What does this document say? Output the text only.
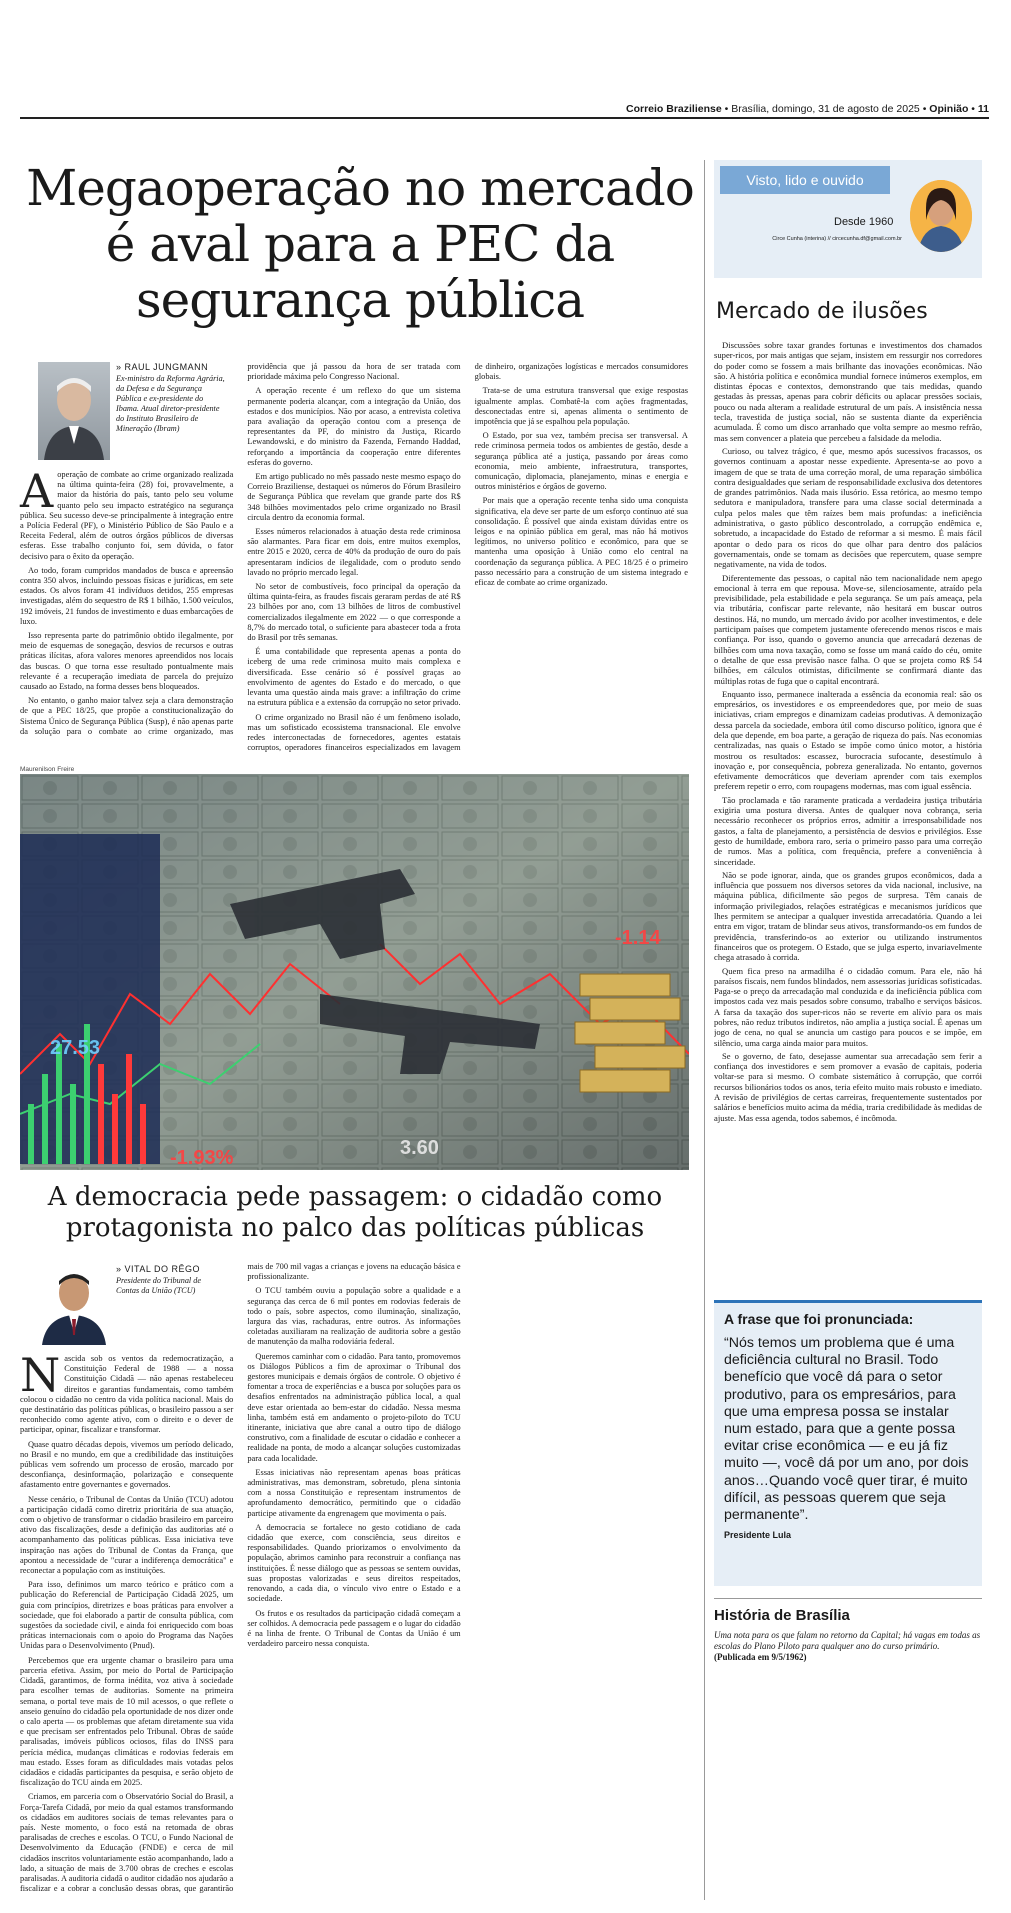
Correio Braziliense • Brasília, domingo, 31 de agosto de 2025 • Opinião • 11
Megaoperação no mercado é aval para a PEC da segurança pública
» RAUL JUNGMANN
Ex-ministro da Reforma Agrária, da Defesa e da Segurança Pública e ex-presidente do Ibama. Atual diretor-presidente do Instituto Brasileiro de Mineração (Ibram)
A operação de combate ao crime organizado realizada na última quinta-feira (28) foi, provavelmente, a maior da história do país, tanto pelo seu volume quanto pelo seu impacto estratégico na segurança pública. Seu sucesso deve-se principalmente à integração entre a Polícia Federal (PF), o Ministério Público de São Paulo e a Receita Federal, além de outros órgãos públicos de diversas esferas. Esse trabalho conjunto foi, sem dúvida, o fator decisivo para o êxito da operação.

Ao todo, foram cumpridos mandados de busca e apreensão contra 350 alvos, incluindo pessoas físicas e jurídicas, em sete estados. Os alvos foram 41 indivíduos detidos, 255 empresas investigadas, além do sequestro de R$ 1 bilhão, 1.500 veículos, 192 imóveis, 21 fundos de investimento e duas embarcações de luxo.

Isso representa parte do patrimônio obtido ilegalmente, por meio de esquemas de sonegação, desvios de recursos e outras práticas ilícitas, afora valores menores apreendidos nos locais das buscas. O que torna esse resultado pontualmente mais relevante é a recuperação imediata de parcela do prejuízo causado ao Estado, na forma desses bens bloqueados.

No entanto, o ganho maior talvez seja a clara demonstração de que a PEC 18/25, que propõe a constitucionalização do Sistema Único de Segurança Pública (Susp), é não apenas parte da solução para o combate ao crime organizado, mas providência que já passou da hora de ser tratada com prioridade máxima pelo Congresso Nacional.

A operação recente é um reflexo do que um sistema permanente poderia alcançar, com a integração da União, dos estados e dos municípios. Não por acaso, a entrevista coletiva para avaliação da operação contou com a presença de representantes da PF, do ministro da Justiça, Ricardo Lewandowski, e do ministro da Fazenda, Fernando Haddad, reforçando a importância da cooperação entre diferentes esferas do governo.

Em artigo publicado no mês passado neste mesmo espaço do Correio Braziliense, destaquei os números do Fórum Brasileiro de Segurança Pública que revelam que grande parte dos R$ 348 bilhões movimentados pelo crime organizado no Brasil circula dentro da economia formal.

Esses números relacionados à atuação desta rede criminosa são alarmantes. Para ficar em dois, entre muitos exemplos, entre 2015 e 2020, cerca de 40% da produção de ouro do país apresentaram indícios de ilegalidade, com o produto sendo lavado no próprio mercado legal.

No setor de combustíveis, foco principal da operação da última quinta-feira, as fraudes fiscais geraram perdas de até R$ 23 bilhões por ano, com 13 bilhões de litros de combustível comercializados ilegalmente em 2022 — o que corresponde a 8,7% do mercado total, o suficiente para abastecer toda a frota do Brasil por três semanas.

É uma contabilidade que representa apenas a ponta do iceberg de uma rede criminosa muito mais complexa e diversificada. Esse cenário só é possível graças ao envolvimento de agentes do Estado e do mercado, o que levanta uma questão ainda mais grave: a infiltração do crime na estrutura pública e a extensão da corrupção no setor privado.

O crime organizado no Brasil não é um fenômeno isolado, mas um sofisticado ecossistema transnacional. Ele envolve redes interconectadas de fornecedores, agentes estatais corruptos, operadores financeiros especializados em lavagem de dinheiro, organizações logísticas e mercados consumidores globais.

Trata-se de uma estrutura transversal que exige respostas igualmente amplas. Combatê-la com ações fragmentadas, desconectadas entre si, apenas alimenta o sentimento de impotência que já se espalhou pela população.

O Estado, por sua vez, também precisa ser transversal. A rede criminosa permeia todos os ambientes de gestão, desde a segurança pública até a justiça, passando por áreas como economia, meio ambiente, infraestrutura, transportes, comunicação, diplomacia, planejamento, minas e energia e outros ministérios e órgãos de governo.

Por mais que a operação recente tenha sido uma conquista significativa, ela deve ser parte de um esforço contínuo até sua consolidação. É possível que ainda existam dúvidas entre os leigos e na opinião pública em geral, mas não há motivos legítimos, no universo político e econômico, para que se mantenha uma oposição à União como elo central na coordenação da segurança pública. A PEC 18/25 é o primeiro passo necessário para a construção de um sistema integrado e eficaz de combate ao crime organizado.

Maurenilson Freire
-1.93%
27.53
3.60
-1.14
A democracia pede passagem: o cidadão como protagonista no palco das políticas públicas
» VITAL DO RÊGO
Presidente do Tribunal de Contas da União (TCU)
N ascida sob os ventos da redemocratização, a Constituição Federal de 1988 — a nossa Constituição Cidadã — não apenas restabeleceu direitos e garantias fundamentais, como também colocou o cidadão no centro da vida política nacional. Mais do que destinatário das políticas públicas, o brasileiro passou a ser reconhecido como agente ativo, com o direito e o dever de participar, opinar, fiscalizar e transformar.

Quase quatro décadas depois, vivemos um período delicado, no Brasil e no mundo, em que a credibilidade das instituições públicas vem sofrendo um processo de erosão, marcado por desconfiança, desinformação, polarização e consequente afastamento entre governantes e governados.

Nesse cenário, o Tribunal de Contas da União (TCU) adotou a participação cidadã como diretriz prioritária de sua atuação, com o objetivo de transformar o cidadão brasileiro em parceiro ativo das fiscalizações, desde a definição das auditorias até o acompanhamento das políticas públicas. Essa iniciativa teve inspiração nas ações do Tribunal de Contas da França, que apontou a necessidade de "curar a indiferença democrática" e reconectar a população com as instituições.

Para isso, definimos um marco teórico e prático com a publicação do Referencial de Participação Cidadã 2025, um guia com princípios, diretrizes e boas práticas para envolver a sociedade, que foi elaborado a partir de consulta pública, com sugestões da sociedade civil, e ainda foi enriquecido com boas práticas internacionais com o apoio do Programa das Nações Unidas para o Desenvolvimento (Pnud).

Percebemos que era urgente chamar o brasileiro para uma parceria efetiva. Assim, por meio do Portal de Participação Cidadã, garantimos, de forma inédita, voz ativa à sociedade para escolher temas de auditorias. Somente na primeira semana, o portal teve mais de 10 mil acessos, o que reflete o anseio genuíno do cidadão pela oportunidade de nos dizer onde o calo aperta — os problemas que afetam diretamente sua vida e que precisam ser enfrentados pelo Tribunal. Obras de saúde paralisadas, imóveis públicos ociosos, filas do INSS para perícia médica, mudanças climáticas e rodovias federais em mau estado. Esses foram as dificuldades mais votadas pelos cidadãos e cidadãs participantes da pesquisa, e serão objeto de fiscalização do TCU ainda em 2025.

Criamos, em parceria com o Observatório Social do Brasil, a Força-Tarefa Cidadã, por meio da qual estamos transformando os cidadãos em auditores sociais de temas relevantes para o país. Neste momento, o foco está na retomada de obras paralisadas de creches e escolas. O TCU, o Fundo Nacional de Desenvolvimento da Educação (FNDE) e cerca de mil cidadãos inscritos voluntariamente estão acompanhando, lado a lado, a situação de mais de 3.700 obras de creches e escolas paralisadas. A auditoria cidadã o auditor cidadão nos ajudarão a fiscalizar e a cobrar a conclusão dessas obras, que garantirão mais de 700 mil vagas a crianças e jovens na educação básica e profissionalizante.

O TCU também ouviu a população sobre a qualidade e a segurança das cerca de 6 mil pontes em rodovias federais de todo o país, sobre aspectos, como iluminação, sinalização, largura das vias, rachaduras, entre outros. As informações coletadas auxiliaram na realização de auditoria sobre a gestão de manutenção da malha rodoviária federal.

Queremos caminhar com o cidadão. Para tanto, promovemos os Diálogos Públicos a fim de aproximar o Tribunal dos gestores municipais e demais órgãos de controle. O objetivo é fomentar a troca de experiências e a busca por soluções para os desafios enfrentados na administração pública local, a qual deve estar orientada ao bem-estar do cidadão. Nessa mesma linha, também está em andamento o projeto-piloto do TCU itinerante, iniciativa que abre canal a outro tipo de diálogo construtivo, com a finalidade de escutar o cidadão e conhecer a realidade na ponta, de modo a alcançar soluções customizadas para cada localidade.

Essas iniciativas não representam apenas boas práticas administrativas, mas demonstram, sobretudo, plena sintonia com a nossa Constituição e representam instrumentos de aprofundamento democrático, permitindo que o cidadão participe ativamente da engrenagem que movimenta o país.

A democracia se fortalece no gesto cotidiano de cada cidadão que exerce, com consciência, seus direitos e responsabilidades. Quando priorizamos o envolvimento da população, abrimos caminho para reconstruir a confiança nas instituições. É nesse diálogo que as pessoas se sentem ouvidas, suas propostas valorizadas e seus direitos respeitados, renovando, a cada dia, o vínculo vivo entre o Estado e a sociedade.

Os frutos e os resultados da participação cidadã começam a ser colhidos. A democracia pede passagem e o lugar do cidadão é na linha de frente. O Tribunal de Contas da União é um verdadeiro parceiro nessa conquista.

Visto, lido e ouvido
Desde 1960
Circe Cunha (interina) // circecunha.df@gmail.com.br
Mercado de ilusões

Discussões sobre taxar grandes fortunas e investimentos dos chamados super-ricos, por mais antigas que sejam, insistem em ressurgir nos corredores do poder como se fossem a mais brilhante das inovações econômicas. Não são. A história política e econômica mundial fornece inúmeros exemplos, em distintas épocas e contextos, demonstrando que tais medidas, quando gestadas às pressas, apenas para cobrir déficits ou aplacar pressões sociais, pouco ou nada alteram a realidade estrutural de um país. A insistência nessa tecla, travestida de justiça social, não se sustenta diante da experiência acumulada. É como um disco arranhado que volta sempre ao mesmo refrão, mas sem convencer a plateia que percebeu a falsidade da melodia.

Curioso, ou talvez trágico, é que, mesmo após sucessivos fracassos, os governos continuam a apostar nesse expediente. Apresenta-se ao povo a imagem de que se trata de uma correção moral, de uma reparação simbólica contra desigualdades que seriam de responsabilidade exclusiva dos detentores de grandes patrimônios. Nada mais ilusório. Essa retórica, ao mesmo tempo sedutora e manipuladora, transfere para uma classe social determinada a culpa pelos males que têm raízes bem mais profundas: a ineficiência administrativa, o gasto público descontrolado, a corrupção endêmica e, sobretudo, a incapacidade do Estado de reformar a si mesmo. É mais fácil apontar o dedo para os ricos do que olhar para dentro dos palácios governamentais, onde se tomam as decisões que repercutem, quase sempre negativamente, na vida de todos.

Diferentemente das pessoas, o capital não tem nacionalidade nem apego emocional à terra em que repousa. Move-se, silenciosamente, atraído pela previsibilidade, pela estabilidade e pela segurança. Se um país ameaça, pela via tributária, confiscar parte relevante, não hesitará em buscar outros destinos. Há, no mundo, um mercado ávido por acolher investimentos, e dele participam países que competem justamente oferecendo menos riscos e mais confiança. Por isso, quando o governo anuncia que arrecadará dezenas de bilhões com uma nova taxação, como se fosse um maná caído do céu, omite o detalhe de que essa previsão nasce falha. O que se projeta como R$ 54 bilhões, em cálculos otimistas, dificilmente se confirmará diante das múltiplas rotas de fuga que o capital encontrará.

Enquanto isso, permanece inalterada a essência da economia real: são os empresários, os investidores e os empreendedores que, por meio de suas iniciativas, criam empregos e dinamizam cadeias produtivas. A demonização dessa parcela da sociedade, embora útil como discurso político, ignora que é dela que depende, em boa parte, a geração de riqueza do país. Nas economias centralizadas, nas quais o Estado se impõe como único motor, a história mostrou os resultados: escassez, burocracia sufocante, desestímulo à inovação e, por consequência, pobreza generalizada. No entanto, governos efetivamente democráticos que deveriam aprender com tais exemplos preferem repetir o erro, com roupagens modernas, mas com igual essência.

Tão proclamada e tão raramente praticada a verdadeira justiça tributária exigiria uma postura diversa. Antes de qualquer nova cobrança, seria necessário reconhecer os próprios erros, admitir a irresponsabilidade nos gastos, a falta de planejamento, a persistência de desvios e privilégios. Esse gesto de humildade, embora raro, seria o primeiro passo para uma correção de rumos. Mas a política, com frequência, prefere a conveniência à sinceridade.

Não se pode ignorar, ainda, que os grandes grupos econômicos, dada a influência que possuem nos diversos setores da vida nacional, inclusive, na máquina pública, dificilmente são pegos de surpresa. Têm canais de informação privilegiados, relações estratégicas e mecanismos jurídicos que lhes permitem se antecipar a qualquer investida arrecadatória. Quando a lei entra em vigor, tratam de blindar seus ativos, transformando-os em fundos de previdência, transferindo-os ao exterior ou utilizando instrumentos financeiros que os protegem. O Estado, que se julga esperto, invariavelmente chega atrasado à corrida.

Quem fica preso na armadilha é o cidadão comum. Para ele, não há paraísos fiscais, nem fundos blindados, nem assessorias jurídicas sofisticadas. Paga-se o preço da arrecadação mal conduzida e da ineficiência pública com impostos cada vez mais pesados sobre consumo, trabalho e serviços básicos. A farsa da taxação dos super-ricos não se reverte em alívio para os mais pobres, não reduz tributos indiretos, não amplia a justiça social. É apenas um jogo de cena, no qual se anuncia um castigo para poucos e se impõe, em silêncio, uma carga ainda maior para muitos.

Se o governo, de fato, desejasse aumentar sua arrecadação sem ferir a confiança dos investidores e sem promover a evasão de capitais, poderia voltar-se para si mesmo. O combate sistemático à corrupção, que corrói recursos bilionários todos os anos, teria efeito muito mais robusto e imediato. A revisão de privilégios de certas carreiras, frequentemente sustentados por salários e benefícios muito acima da média, traria credibilidade às medidas de ajuste. Mas essa agenda, todos sabemos, é incômoda.

A frase que foi pronunciada:
“Nós temos um problema que é uma deficiência cultural no Brasil. Todo benefício que você dá para o setor produtivo, para os empresários, para que uma empresa possa se instalar num estado, para que a gente possa evitar crise econômica — e eu já fiz muito —, você dá por um ano, por dois anos…Quando você quer tirar, é muito difícil, as pessoas querem que seja permanente”.
Presidente Lula
História de Brasília
Uma nota para os que falam no retorno da Capital; há vagas em todas as escolas do Plano Piloto para qualquer ano do curso primário. (Publicada em 9/5/1962)
